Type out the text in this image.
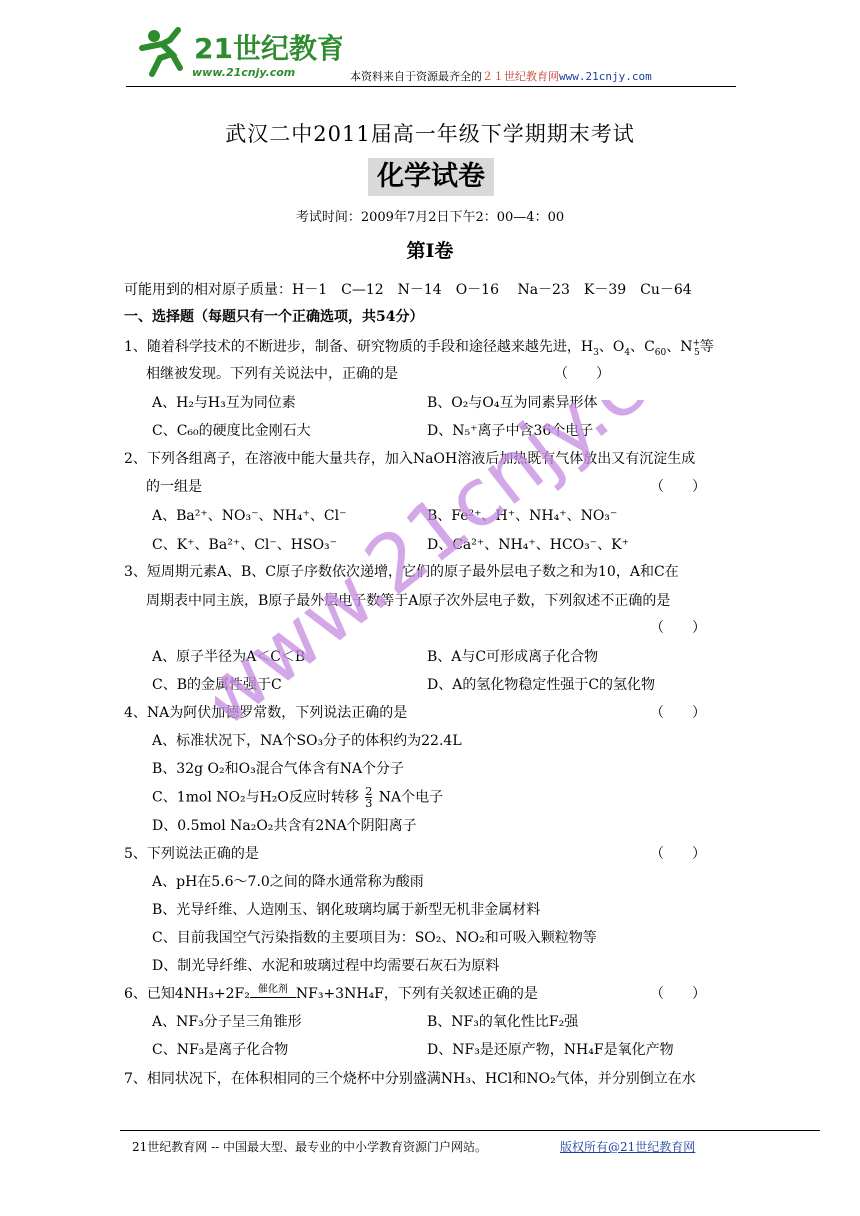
21世纪教育
www.21cnjy.com	本资料来自于资源最齐全的２１世纪教育网www.21cnjy.com
武汉二中2011届高一年级下学期期末考试
化学试卷
考试时间：2009年7月2日下午2：00—4：00
第Ⅰ卷
可能用到的相对原子质量：H－1　C—12　N－14　O－16　 Na－23　K－39　Cu－64
一、选择题（每题只有一个正确选项，共54分）
1、随着科学技术的不断进步，制备、研究物质的手段和途径越来越先进，$H_3$、$O_4$、$C_{60}$、$N^+_5$等
相继被发现。下列有关说法中，正确的是	（　　）
A、H₂与H₃互为同位素	B、O₂与O₄互为同素异形体
C、C₆₀的硬度比金刚石大	D、N₅⁺离子中含36个电子
2、下列各组离子，在溶液中能大量共存，加入NaOH溶液后加热既有气体放出又有沉淀生成
的一组是	（　　）
A、Ba²⁺、NO₃⁻、NH₄⁺、Cl⁻	B、Fe²⁺、H⁺、NH₄⁺、NO₃⁻
C、K⁺、Ba²⁺、Cl⁻、HSO₃⁻	D、Ca²⁺、NH₄⁺、HCO₃⁻、K⁺
3、短周期元素A、B、C原子序数依次递增，它们的原子最外层电子数之和为10，A和C在
周期表中同主族，B原子最外层电子数等于A原子次外层电子数，下列叙述不正确的是
（　　）
A、原子半径为A＜C＜B	B、A与C可形成离子化合物
C、B的金属性强于C	D、A的氢化物稳定性强于C的氢化物
4、NA为阿伏加德罗常数，下列说法正确的是	（　　）
A、标准状况下，NA个SO₃分子的体积约为22.4L
B、32g O₂和O₃混合气体含有NA个分子
C、1mol NO₂与H₂O反应时转移 $\frac{2}{3}$ NA个电子
D、0.5mol Na₂O₂共含有2NA个阴阳离子
5、下列说法正确的是	（　　）
A、pH在5.6～7.0之间的降水通常称为酸雨
B、光导纤维、人造刚玉、钢化玻璃均属于新型无机非金属材料
C、目前我国空气污染指数的主要项目为：SO₂、NO₂和可吸入颗粒物等
D、制光导纤维、水泥和玻璃过程中均需要石灰石为原料
6、已知4NH₃+2F₂ 催化剂 NF₃+3NH₄F，下列有关叙述正确的是	（　　）
A、NF₃分子呈三角锥形	B、NF₃的氧化性比F₂强
C、NF₃是离子化合物	D、NF₃是还原产物，NH₄F是氧化产物
7、相同状况下，在体积相同的三个烧杯中分别盛满NH₃、HCl和NO₂气体，并分别倒立在水
www.21cnjy.com
21世纪教育网 -- 中国最大型、最专业的中小学教育资源门户网站。	版权所有@21世纪教育网
